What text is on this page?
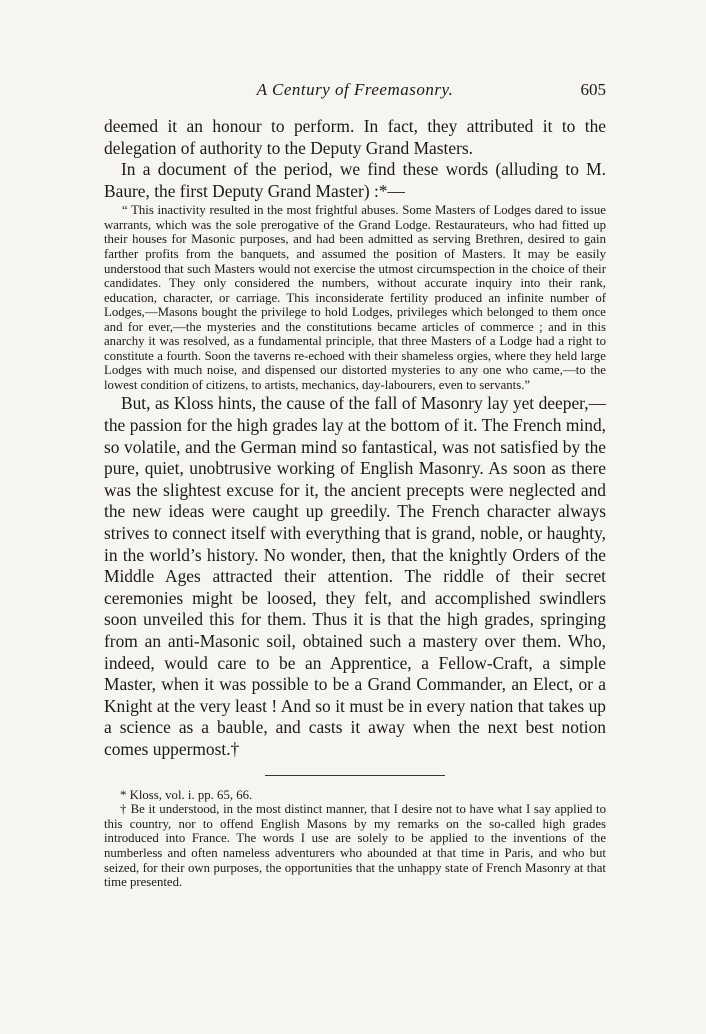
A Century of Freemasonry.	605

deemed it an honour to perform. In fact, they attributed it to the delegation of authority to the Deputy Grand Masters.

In a document of the period, we find these words (alluding to M. Baure, the first Deputy Grand Master) :*—

“ This inactivity resulted in the most frightful abuses. Some Masters of Lodges dared to issue warrants, which was the sole prerogative of the Grand Lodge. Restaurateurs, who had fitted up their houses for Masonic purposes, and had been admitted as serving Brethren, desired to gain farther profits from the banquets, and assumed the position of Masters. It may be easily understood that such Masters would not exercise the utmost circumspection in the choice of their candidates. They only considered the numbers, without accurate inquiry into their rank, education, character, or carriage. This inconsiderate fertility produced an infinite number of Lodges,—Masons bought the privilege to hold Lodges, privileges which belonged to them once and for ever,—the mysteries and the constitutions became articles of commerce ; and in this anarchy it was resolved, as a fundamental principle, that three Masters of a Lodge had a right to constitute a fourth. Soon the taverns re-echoed with their shameless orgies, where they held large Lodges with much noise, and dispensed our distorted mysteries to any one who came,—to the lowest condition of citizens, to artists, mechanics, day-labourers, even to servants.”

But, as Kloss hints, the cause of the fall of Masonry lay yet deeper,—the passion for the high grades lay at the bottom of it. The French mind, so volatile, and the German mind so fantastical, was not satisfied by the pure, quiet, unobtrusive working of English Masonry. As soon as there was the slightest excuse for it, the ancient precepts were neglected and the new ideas were caught up greedily. The French character always strives to connect itself with everything that is grand, noble, or haughty, in the world’s history. No wonder, then, that the knightly Orders of the Middle Ages attracted their attention. The riddle of their secret ceremonies might be loosed, they felt, and accomplished swindlers soon unveiled this for them. Thus it is that the high grades, springing from an anti-Masonic soil, obtained such a mastery over them. Who, indeed, would care to be an Apprentice, a Fellow-Craft, a simple Master, when it was possible to be a Grand Commander, an Elect, or a Knight at the very least ! And so it must be in every nation that takes up a science as a bauble, and casts it away when the next best notion comes uppermost.†

* Kloss, vol. i. pp. 65, 66.

† Be it understood, in the most distinct manner, that I desire not to have what I say applied to this country, nor to offend English Masons by my remarks on the so-called high grades introduced into France. The words I use are solely to be applied to the inventions of the numberless and often nameless adventurers who abounded at that time in Paris, and who but seized, for their own purposes, the opportunities that the unhappy state of French Masonry at that time presented.
